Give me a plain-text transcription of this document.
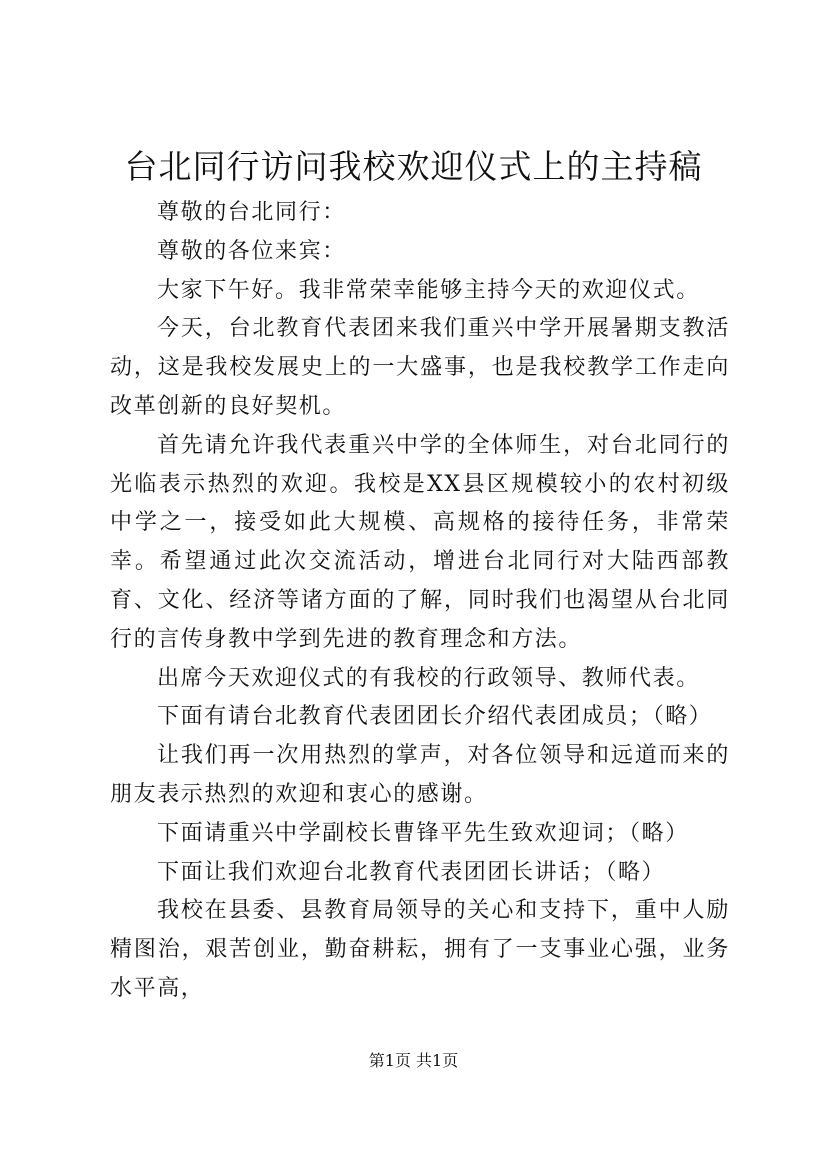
台北同行访问我校欢迎仪式上的主持稿

尊敬的台北同行：

尊敬的各位来宾：

大家下午好。我非常荣幸能够主持今天的欢迎仪式。

今天，台北教育代表团来我们重兴中学开展暑期支教活动，这是我校发展史上的一大盛事，也是我校教学工作走向改革创新的良好契机。

首先请允许我代表重兴中学的全体师生，对台北同行的光临表示热烈的欢迎。我校是XX县区规模较小的农村初级中学之一，接受如此大规模、高规格的接待任务，非常荣幸。希望通过此次交流活动，增进台北同行对大陆西部教育、文化、经济等诸方面的了解，同时我们也渴望从台北同行的言传身教中学到先进的教育理念和方法。

出席今天欢迎仪式的有我校的行政领导、教师代表。

下面有请台北教育代表团团长介绍代表团成员；（略）

让我们再一次用热烈的掌声，对各位领导和远道而来的朋友表示热烈的欢迎和衷心的感谢。

下面请重兴中学副校长曹锋平先生致欢迎词；（略）

下面让我们欢迎台北教育代表团团长讲话；（略）

我校在县委、县教育局领导的关心和支持下，重中人励精图治，艰苦创业，勤奋耕耘，拥有了一支事业心强，业务水平高，

第1页 共1页
